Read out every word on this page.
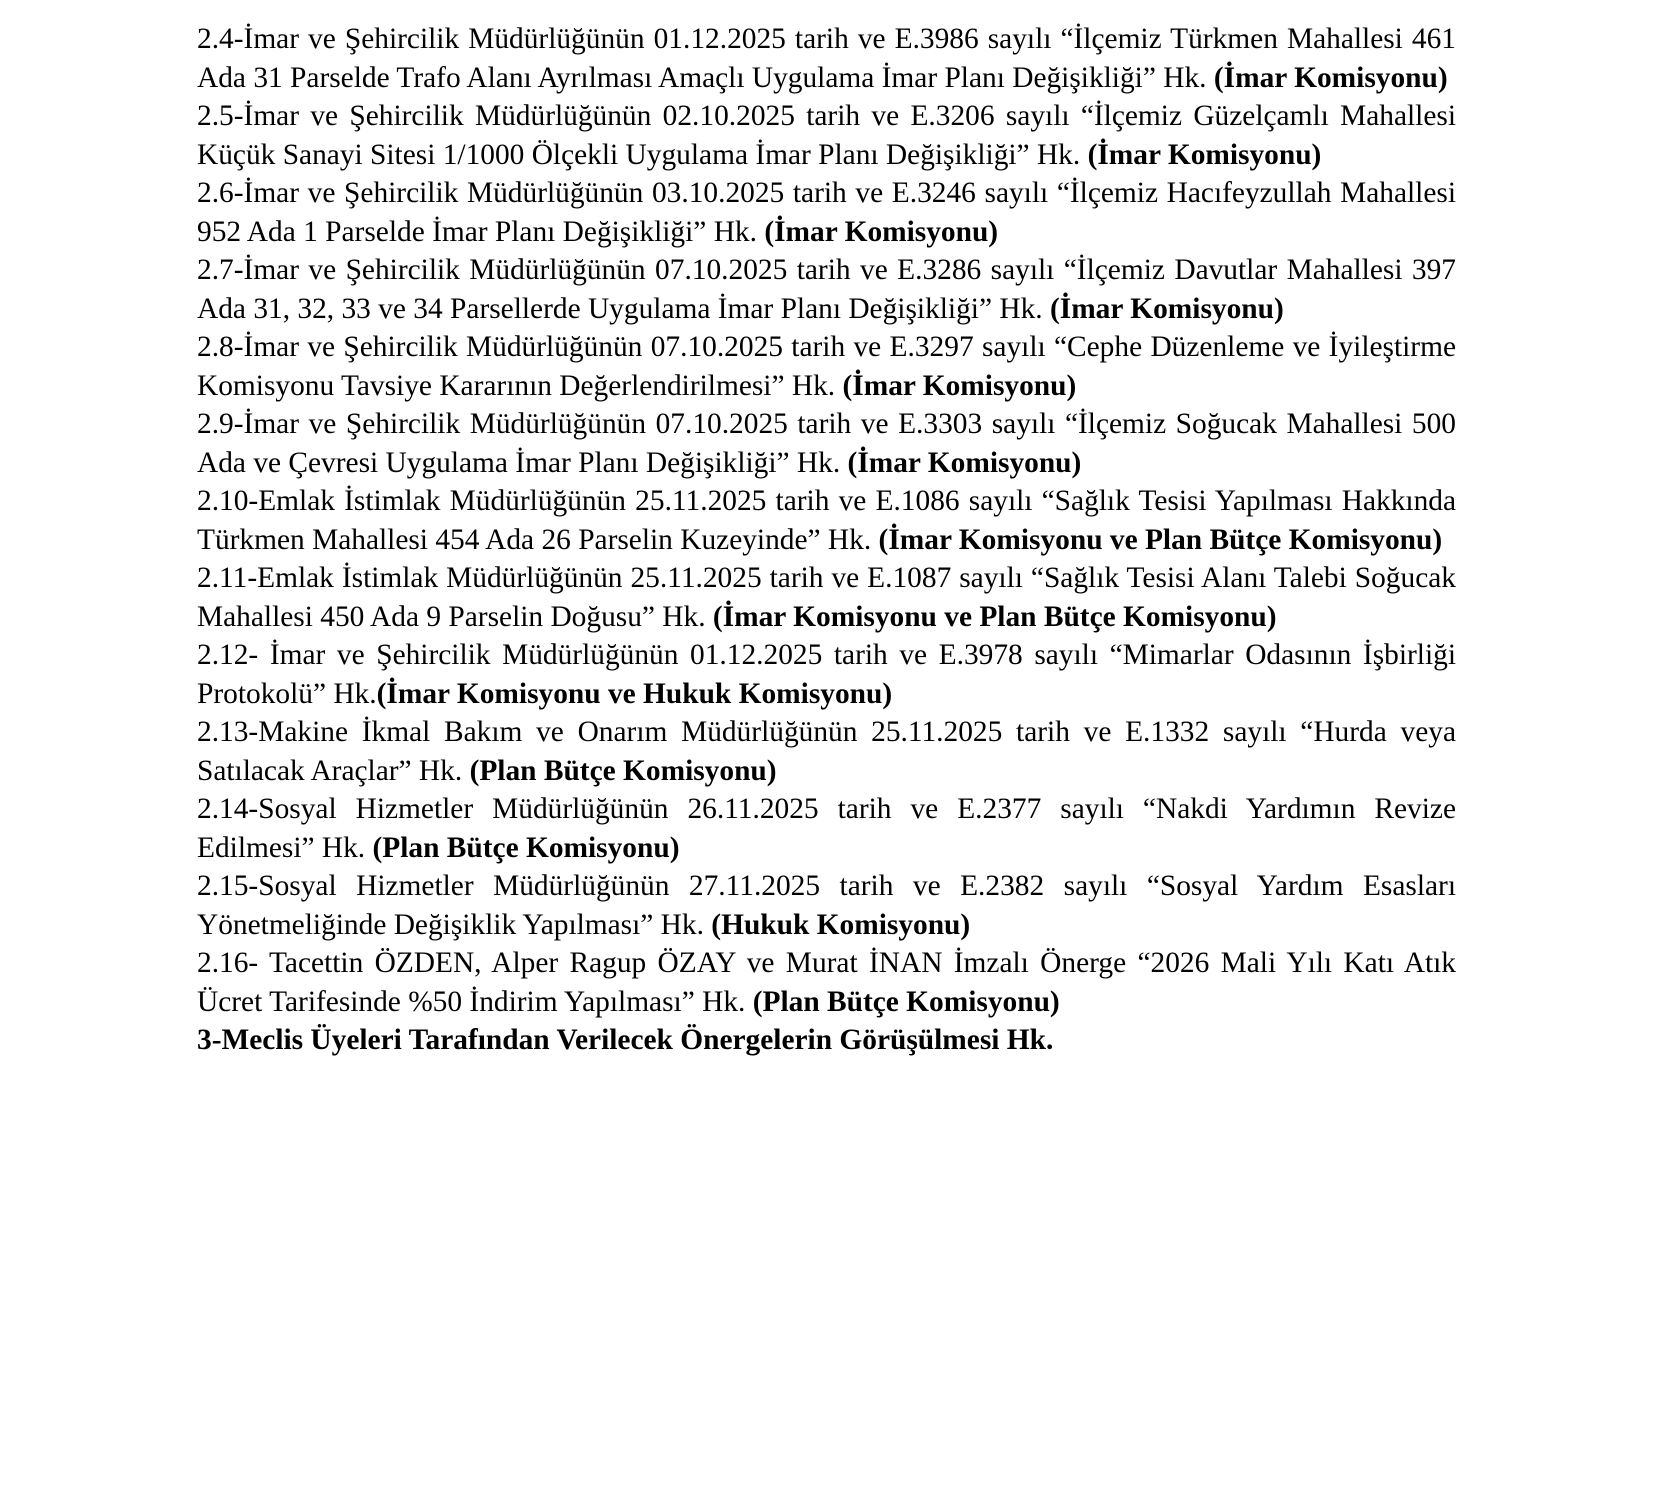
2.4-İmar ve Şehircilik Müdürlüğünün 01.12.2025 tarih ve E.3986 sayılı “İlçemiz Türkmen Mahallesi 461 Ada 31 Parselde Trafo Alanı Ayrılması Amaçlı Uygulama İmar Planı Değişikliği” Hk. (İmar Komisyonu)

2.5-İmar ve Şehircilik Müdürlüğünün 02.10.2025 tarih ve E.3206 sayılı “İlçemiz Güzelçamlı Mahallesi Küçük Sanayi Sitesi 1/1000 Ölçekli Uygulama İmar Planı Değişikliği” Hk. (İmar Komisyonu)

2.6-İmar ve Şehircilik Müdürlüğünün 03.10.2025 tarih ve E.3246 sayılı “İlçemiz Hacıfeyzullah Mahallesi 952 Ada 1 Parselde İmar Planı Değişikliği” Hk. (İmar Komisyonu)

2.7-İmar ve Şehircilik Müdürlüğünün 07.10.2025 tarih ve E.3286 sayılı “İlçemiz Davutlar Mahallesi 397 Ada 31, 32, 33 ve 34 Parsellerde Uygulama İmar Planı Değişikliği” Hk. (İmar Komisyonu)

2.8-İmar ve Şehircilik Müdürlüğünün 07.10.2025 tarih ve E.3297 sayılı “Cephe Düzenleme ve İyileştirme Komisyonu Tavsiye Kararının Değerlendirilmesi” Hk. (İmar Komisyonu)

2.9-İmar ve Şehircilik Müdürlüğünün 07.10.2025 tarih ve E.3303 sayılı “İlçemiz Soğucak Mahallesi 500 Ada ve Çevresi Uygulama İmar Planı Değişikliği” Hk. (İmar Komisyonu)

2.10-Emlak İstimlak Müdürlüğünün 25.11.2025 tarih ve E.1086 sayılı “Sağlık Tesisi Yapılması Hakkında Türkmen Mahallesi 454 Ada 26 Parselin Kuzeyinde” Hk. (İmar Komisyonu ve Plan Bütçe Komisyonu)

2.11-Emlak İstimlak Müdürlüğünün 25.11.2025 tarih ve E.1087 sayılı “Sağlık Tesisi Alanı Talebi Soğucak Mahallesi 450 Ada 9 Parselin Doğusu” Hk. (İmar Komisyonu ve Plan Bütçe Komisyonu)

2.12- İmar ve Şehircilik Müdürlüğünün 01.12.2025 tarih ve E.3978 sayılı “Mimarlar Odasının İşbirliği Protokolü” Hk.(İmar Komisyonu ve Hukuk Komisyonu)

2.13-Makine İkmal Bakım ve Onarım Müdürlüğünün 25.11.2025 tarih ve E.1332 sayılı “Hurda veya Satılacak Araçlar” Hk. (Plan Bütçe Komisyonu)

2.14-Sosyal Hizmetler Müdürlüğünün 26.11.2025 tarih ve E.2377 sayılı “Nakdi Yardımın Revize Edilmesi” Hk. (Plan Bütçe Komisyonu)

2.15-Sosyal Hizmetler Müdürlüğünün 27.11.2025 tarih ve E.2382 sayılı “Sosyal Yardım Esasları Yönetmeliğinde Değişiklik Yapılması” Hk. (Hukuk Komisyonu)

2.16- Tacettin ÖZDEN, Alper Ragup ÖZAY ve Murat İNAN İmzalı Önerge “2026 Mali Yılı Katı Atık Ücret Tarifesinde %50 İndirim Yapılması” Hk. (Plan Bütçe Komisyonu)

3-Meclis Üyeleri Tarafından Verilecek Önergelerin Görüşülmesi Hk.
